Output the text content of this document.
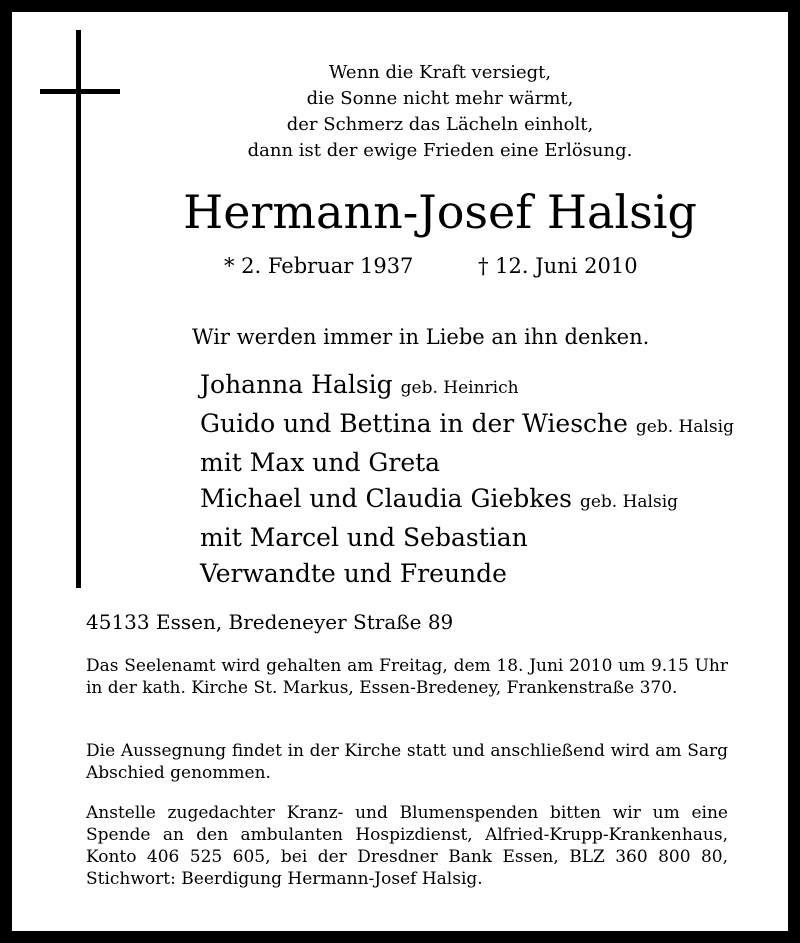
Wenn die Kraft versiegt,
die Sonne nicht mehr wärmt,
der Schmerz das Lächeln einholt,
dann ist der ewige Frieden eine Erlösung.
Hermann-Josef Halsig
* 2. Februar 1937	† 12. Juni 2010
Wir werden immer in Liebe an ihn denken.
Johanna Halsig geb. Heinrich
Guido und Bettina in der Wiesche geb. Halsig
mit Max und Greta
Michael und Claudia Giebkes geb. Halsig
mit Marcel und Sebastian
Verwandte und Freunde
45133 Essen, Bredeneyer Straße 89
Das Seelenamt wird gehalten am Freitag, dem 18. Juni 2010 um 9.15 Uhr in der kath. Kirche St. Markus, Essen-Bredeney, Frankenstraße 370.
Die Aussegnung findet in der Kirche statt und anschließend wird am Sarg Abschied genommen.
Anstelle zugedachter Kranz- und Blumenspenden bitten wir um eine Spende an den ambulanten Hospizdienst, Alfried-Krupp-Krankenhaus, Konto 406 525 605, bei der Dresdner Bank Essen, BLZ 360 800 80, Stichwort: Beerdigung Hermann-Josef Halsig.
